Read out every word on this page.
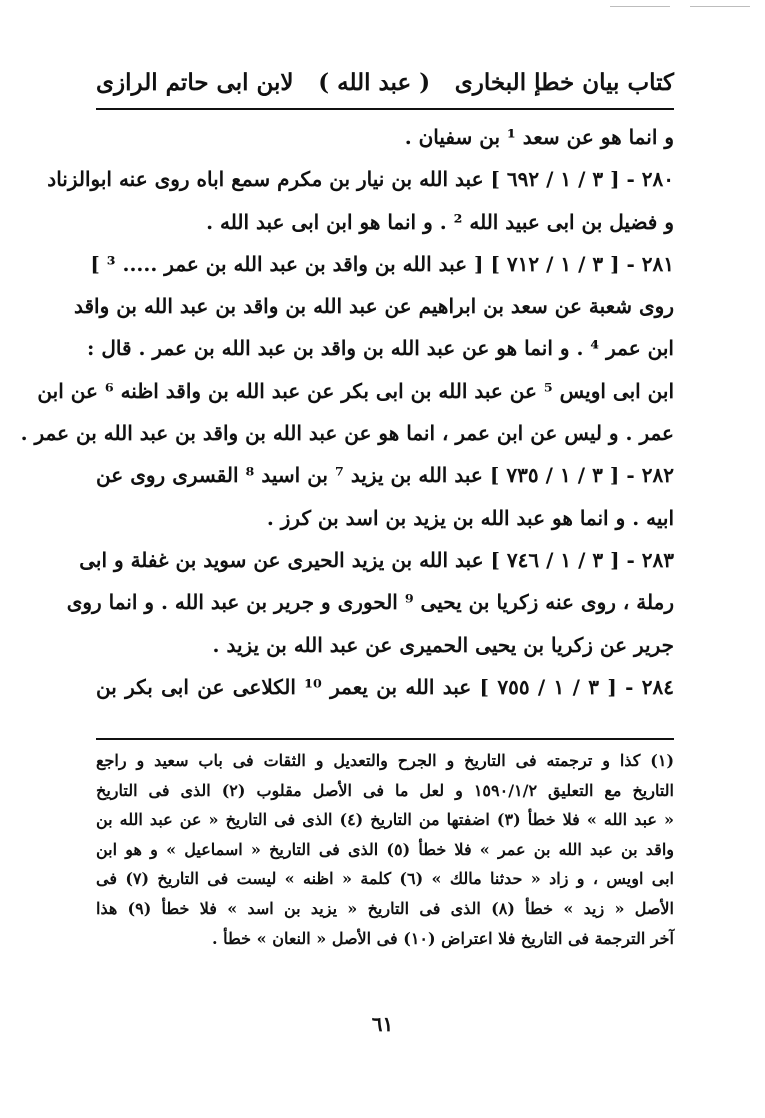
كتاب بيان خطإ البخارى
( عبد الله )
لابن ابى حاتم الرازى
و انما هو عن سعد ¹ بن سفيان .
٢٨٠ - [ ٣ / ١ / ٦٩٢ ] عبد الله بن نيار بن مكرم سمع اباه روى عنه ابوالزناد
و فضيل بن ابى عبيد الله ² . و انما هو ابن ابى عبد الله .
٢٨١ - [ ٣ / ١ / ٧١٢ ] [ عبد الله بن واقد بن عبد الله بن عمر ..... ³ ]
روى شعبة عن سعد بن ابراهيم عن عبد الله بن واقد بن عبد الله بن واقد
ابن عمر ⁴ . و انما هو عن عبد الله بن واقد بن عبد الله بن عمر . قال :
ابن ابى اويس ⁵ عن عبد الله بن ابى بكر عن عبد الله بن واقد اظنه ⁶ عن ابن
عمر . و ليس عن ابن عمر ، انما هو عن عبد الله بن واقد بن عبد الله بن عمر .
٢٨٢ - [ ٣ / ١ / ٧٣٥ ] عبد الله بن يزيد ⁷ بن اسيد ⁸ القسرى روى عن
ابيه . و انما هو عبد الله بن يزيد بن اسد بن كرز .
٢٨٣ - [ ٣ / ١ / ٧٤٦ ] عبد الله بن يزيد الحيرى عن سويد بن غفلة و ابى
رملة ، روى عنه زكريا بن يحيى ⁹ الحورى و جرير بن عبد الله . و انما روى
جرير عن زكريا بن يحيى الحميرى عن عبد الله بن يزيد .
٢٨٤ - [ ٣ / ١ / ٧٥٥ ] عبد الله بن يعمر ¹⁰ الكلاعى عن ابى بكر بن
(١) كذا و ترجمته فى التاريخ و الجرح والتعديل و الثقات فى باب سعيد و راجع
التاريخ مع التعليق ١٥٩٠/١/٢ و لعل ما فى الأصل مقلوب (٢) الذى فى التاريخ
« عبد الله » فلا خطأ (٣) اضفتها من التاريخ (٤) الذى فى التاريخ « عن عبد الله بن
واقد بن عبد الله بن عمر » فلا خطأ (٥) الذى فى التاريخ « اسماعيل » و هو ابن
ابى اويس ، و زاد « حدثنا مالك » (٦) كلمة « اظنه » ليست فى التاريخ (٧) فى
الأصل « زيد » خطأ (٨) الذى فى التاريخ « يزيد بن اسد » فلا خطأ (٩) هذا
آخر الترجمة فى التاريخ فلا اعتراض (١٠) فى الأصل « النعان » خطأ .
٦١
